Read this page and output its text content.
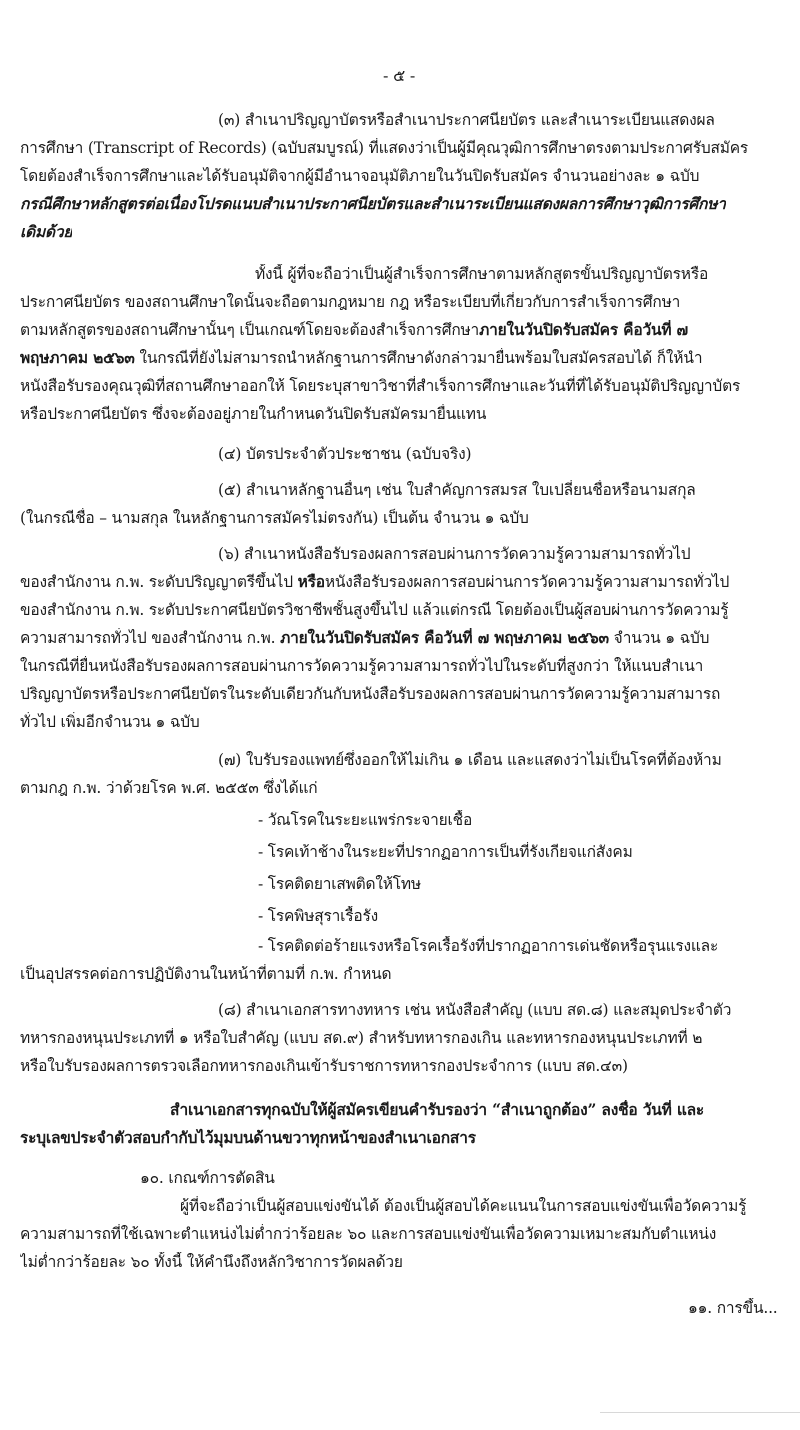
- ๕ -
(๓) สำเนาปริญญาบัตรหรือสำเนาประกาศนียบัตร และสำเนาระเบียนแสดงผล
การศึกษา (Transcript of Records) (ฉบับสมบูรณ์) ที่แสดงว่าเป็นผู้มีคุณวุฒิการศึกษาตรงตามประกาศรับสมัคร
โดยต้องสำเร็จการศึกษาและได้รับอนุมัติจากผู้มีอำนาจอนุมัติภายในวันปิดรับสมัคร จำนวนอย่างละ ๑ ฉบับ
กรณีศึกษาหลักสูตรต่อเนื่องโปรดแนบสำเนาประกาศนียบัตรและสำเนาระเบียนแสดงผลการศึกษาวุฒิการศึกษา
เดิมด้วย
ทั้งนี้ ผู้ที่จะถือว่าเป็นผู้สำเร็จการศึกษาตามหลักสูตรขั้นปริญญาบัตรหรือ
ประกาศนียบัตร ของสถานศึกษาใดนั้นจะถือตามกฎหมาย กฎ หรือระเบียบที่เกี่ยวกับการสำเร็จการศึกษา
ตามหลักสูตรของสถานศึกษานั้นๆ เป็นเกณฑ์โดยจะต้องสำเร็จการศึกษาภายในวันปิดรับสมัคร คือวันที่ ๗
พฤษภาคม ๒๕๖๓ ในกรณีที่ยังไม่สามารถนำหลักฐานการศึกษาดังกล่าวมายื่นพร้อมใบสมัครสอบได้ ก็ให้นำ
หนังสือรับรองคุณวุฒิที่สถานศึกษาออกให้ โดยระบุสาขาวิชาที่สำเร็จการศึกษาและวันที่ที่ได้รับอนุมัติปริญญาบัตร
หรือประกาศนียบัตร ซึ่งจะต้องอยู่ภายในกำหนดวันปิดรับสมัครมายื่นแทน
(๔) บัตรประจำตัวประชาชน (ฉบับจริง)
(๕) สำเนาหลักฐานอื่นๆ เช่น ใบสำคัญการสมรส ใบเปลี่ยนชื่อหรือนามสกุล
(ในกรณีชื่อ – นามสกุล ในหลักฐานการสมัครไม่ตรงกัน) เป็นต้น จำนวน ๑ ฉบับ
(๖) สำเนาหนังสือรับรองผลการสอบผ่านการวัดความรู้ความสามารถทั่วไป
ของสำนักงาน ก.พ. ระดับปริญญาตรีขึ้นไป หรือหนังสือรับรองผลการสอบผ่านการวัดความรู้ความสามารถทั่วไป
ของสำนักงาน ก.พ. ระดับประกาศนียบัตรวิชาชีพชั้นสูงขึ้นไป แล้วแต่กรณี โดยต้องเป็นผู้สอบผ่านการวัดความรู้
ความสามารถทั่วไป ของสำนักงาน ก.พ. ภายในวันปิดรับสมัคร คือวันที่ ๗ พฤษภาคม ๒๕๖๓ จำนวน ๑ ฉบับ
ในกรณีที่ยื่นหนังสือรับรองผลการสอบผ่านการวัดความรู้ความสามารถทั่วไปในระดับที่สูงกว่า ให้แนบสำเนา
ปริญญาบัตรหรือประกาศนียบัตรในระดับเดียวกันกับหนังสือรับรองผลการสอบผ่านการวัดความรู้ความสามารถ
ทั่วไป เพิ่มอีกจำนวน ๑ ฉบับ
(๗) ใบรับรองแพทย์ซึ่งออกให้ไม่เกิน ๑ เดือน และแสดงว่าไม่เป็นโรคที่ต้องห้าม
ตามกฎ ก.พ. ว่าด้วยโรค พ.ศ. ๒๕๕๓ ซึ่งได้แก่
- วัณโรคในระยะแพร่กระจายเชื้อ
- โรคเท้าช้างในระยะที่ปรากฏอาการเป็นที่รังเกียจแก่สังคม
- โรคติดยาเสพติดให้โทษ
- โรคพิษสุราเรื้อรัง
- โรคติดต่อร้ายแรงหรือโรคเรื้อรังที่ปรากฏอาการเด่นชัดหรือรุนแรงและ
เป็นอุปสรรคต่อการปฏิบัติงานในหน้าที่ตามที่ ก.พ. กำหนด
(๘) สำเนาเอกสารทางทหาร เช่น หนังสือสำคัญ (แบบ สด.๘) และสมุดประจำตัว
ทหารกองหนุนประเภทที่ ๑ หรือใบสำคัญ (แบบ สด.๙) สำหรับทหารกองเกิน และทหารกองหนุนประเภทที่ ๒
หรือใบรับรองผลการตรวจเลือกทหารกองเกินเข้ารับราชการทหารกองประจำการ (แบบ สด.๔๓)
สำเนาเอกสารทุกฉบับให้ผู้สมัครเขียนคำรับรองว่า “สำเนาถูกต้อง” ลงชื่อ วันที่ และ
ระบุเลขประจำตัวสอบกำกับไว้มุมบนด้านขวาทุกหน้าของสำเนาเอกสาร
๑๐. เกณฑ์การตัดสิน
ผู้ที่จะถือว่าเป็นผู้สอบแข่งขันได้ ต้องเป็นผู้สอบได้คะแนนในการสอบแข่งขันเพื่อวัดความรู้
ความสามารถที่ใช้เฉพาะตำแหน่งไม่ต่ำกว่าร้อยละ ๖๐ และการสอบแข่งขันเพื่อวัดความเหมาะสมกับตำแหน่ง
ไม่ต่ำกว่าร้อยละ ๖๐ ทั้งนี้ ให้คำนึงถึงหลักวิชาการวัดผลด้วย
๑๑. การขึ้น...
